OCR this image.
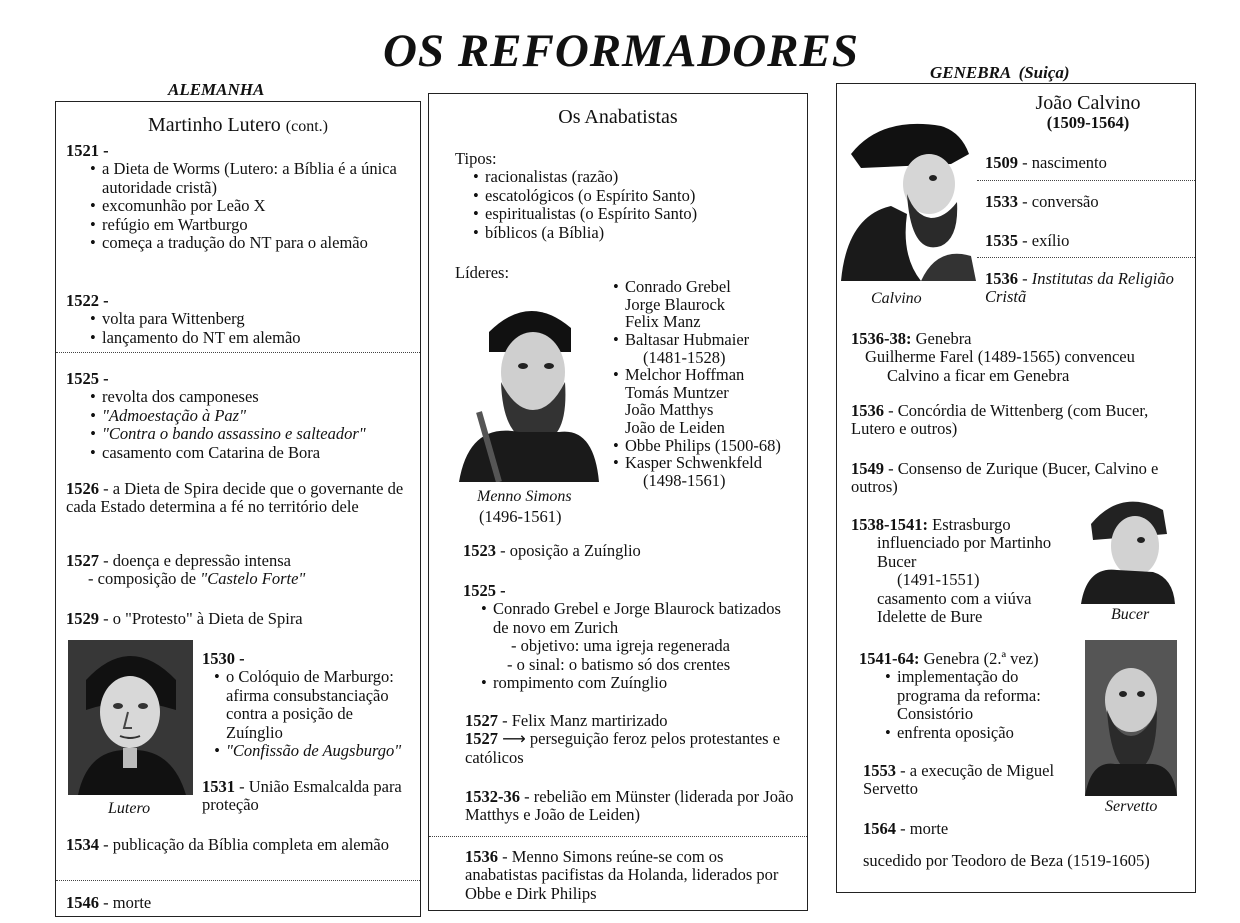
OS REFORMADORES
ALEMANHA
GENEBRA (Suiça)
Martinho Lutero (cont.)
1521 -
• a Dieta de Worms (Lutero: a Bíblia é a única autoridade cristã)
• excomunhão por Leão X
• refúgio em Wartburgo
• começa a tradução do NT para o alemão
1522 -
• volta para Wittenberg
• lançamento do NT em alemão
1525 -
• revolta dos camponeses
• "Admoestação à Paz"
• "Contra o bando assassino e salteador"
• casamento com Catarina de Bora
1526 - a Dieta de Spira decide que o governante de cada Estado determina a fé no território dele
1527 - doença e depressão intensa
- composição de "Castelo Forte"
1529 - o "Protesto" à Dieta de Spira
Lutero
1530 -
• o Colóquio de Marburgo: afirma consubstanciação contra a posição de Zuínglio
• "Confissão de Augsburgo"
1531 - União Esmalcalda para proteção
1534 - publicação da Bíblia completa em alemão
1546 - morte
Os Anabatistas
Tipos:
• racionalistas (razão)
• escatológicos (o Espírito Santo)
• espiritualistas (o Espírito Santo)
• bíblicos (a Bíblia)
Líderes:
Menno Simons
(1496-1561)
• Conrado Grebel
Jorge Blaurock
Felix Manz
• Baltasar Hubmaier
(1481-1528)
• Melchor Hoffman
Tomás Muntzer
João Matthys
João de Leiden
• Obbe Philips (1500-68)
• Kasper Schwenkfeld
(1498-1561)
1523 - oposição a Zuínglio
1525 -
• Conrado Grebel e Jorge Blaurock batizados de novo em Zurich
- objetivo: uma igreja regenerada
- o sinal: o batismo só dos crentes
• rompimento com Zuínglio
1527 - Felix Manz martirizado
1527 ⟶ perseguição feroz pelos protestantes e católicos
1532-36 - rebelião em Münster (liderada por João Matthys e João de Leiden)
1536 - Menno Simons reúne-se com os anabatistas pacifistas da Holanda, liderados por Obbe e Dirk Philips
Calvino
João Calvino
(1509-1564)
1509 - nascimento
1533 - conversão
1535 - exílio
1536 - Institutas da Religião Cristã
1536-38: Genebra
Guilherme Farel (1489-1565) convenceu Calvino a ficar em Genebra
1536 - Concórdia de Wittenberg (com Bucer, Lutero e outros)
1549 - Consenso de Zurique (Bucer, Calvino e outros)
1538-1541: Estrasburgo
influenciado por Martinho Bucer
(1491-1551)
casamento com a viúva Idelette de Bure	Bucer
1541-64: Genebra (2.ª vez)
• implementação do programa da reforma: Consistório
• enfrenta oposição
Servetto
1553 - a execução de Miguel Servetto
1564 - morte
sucedido por Teodoro de Beza (1519-1605)
